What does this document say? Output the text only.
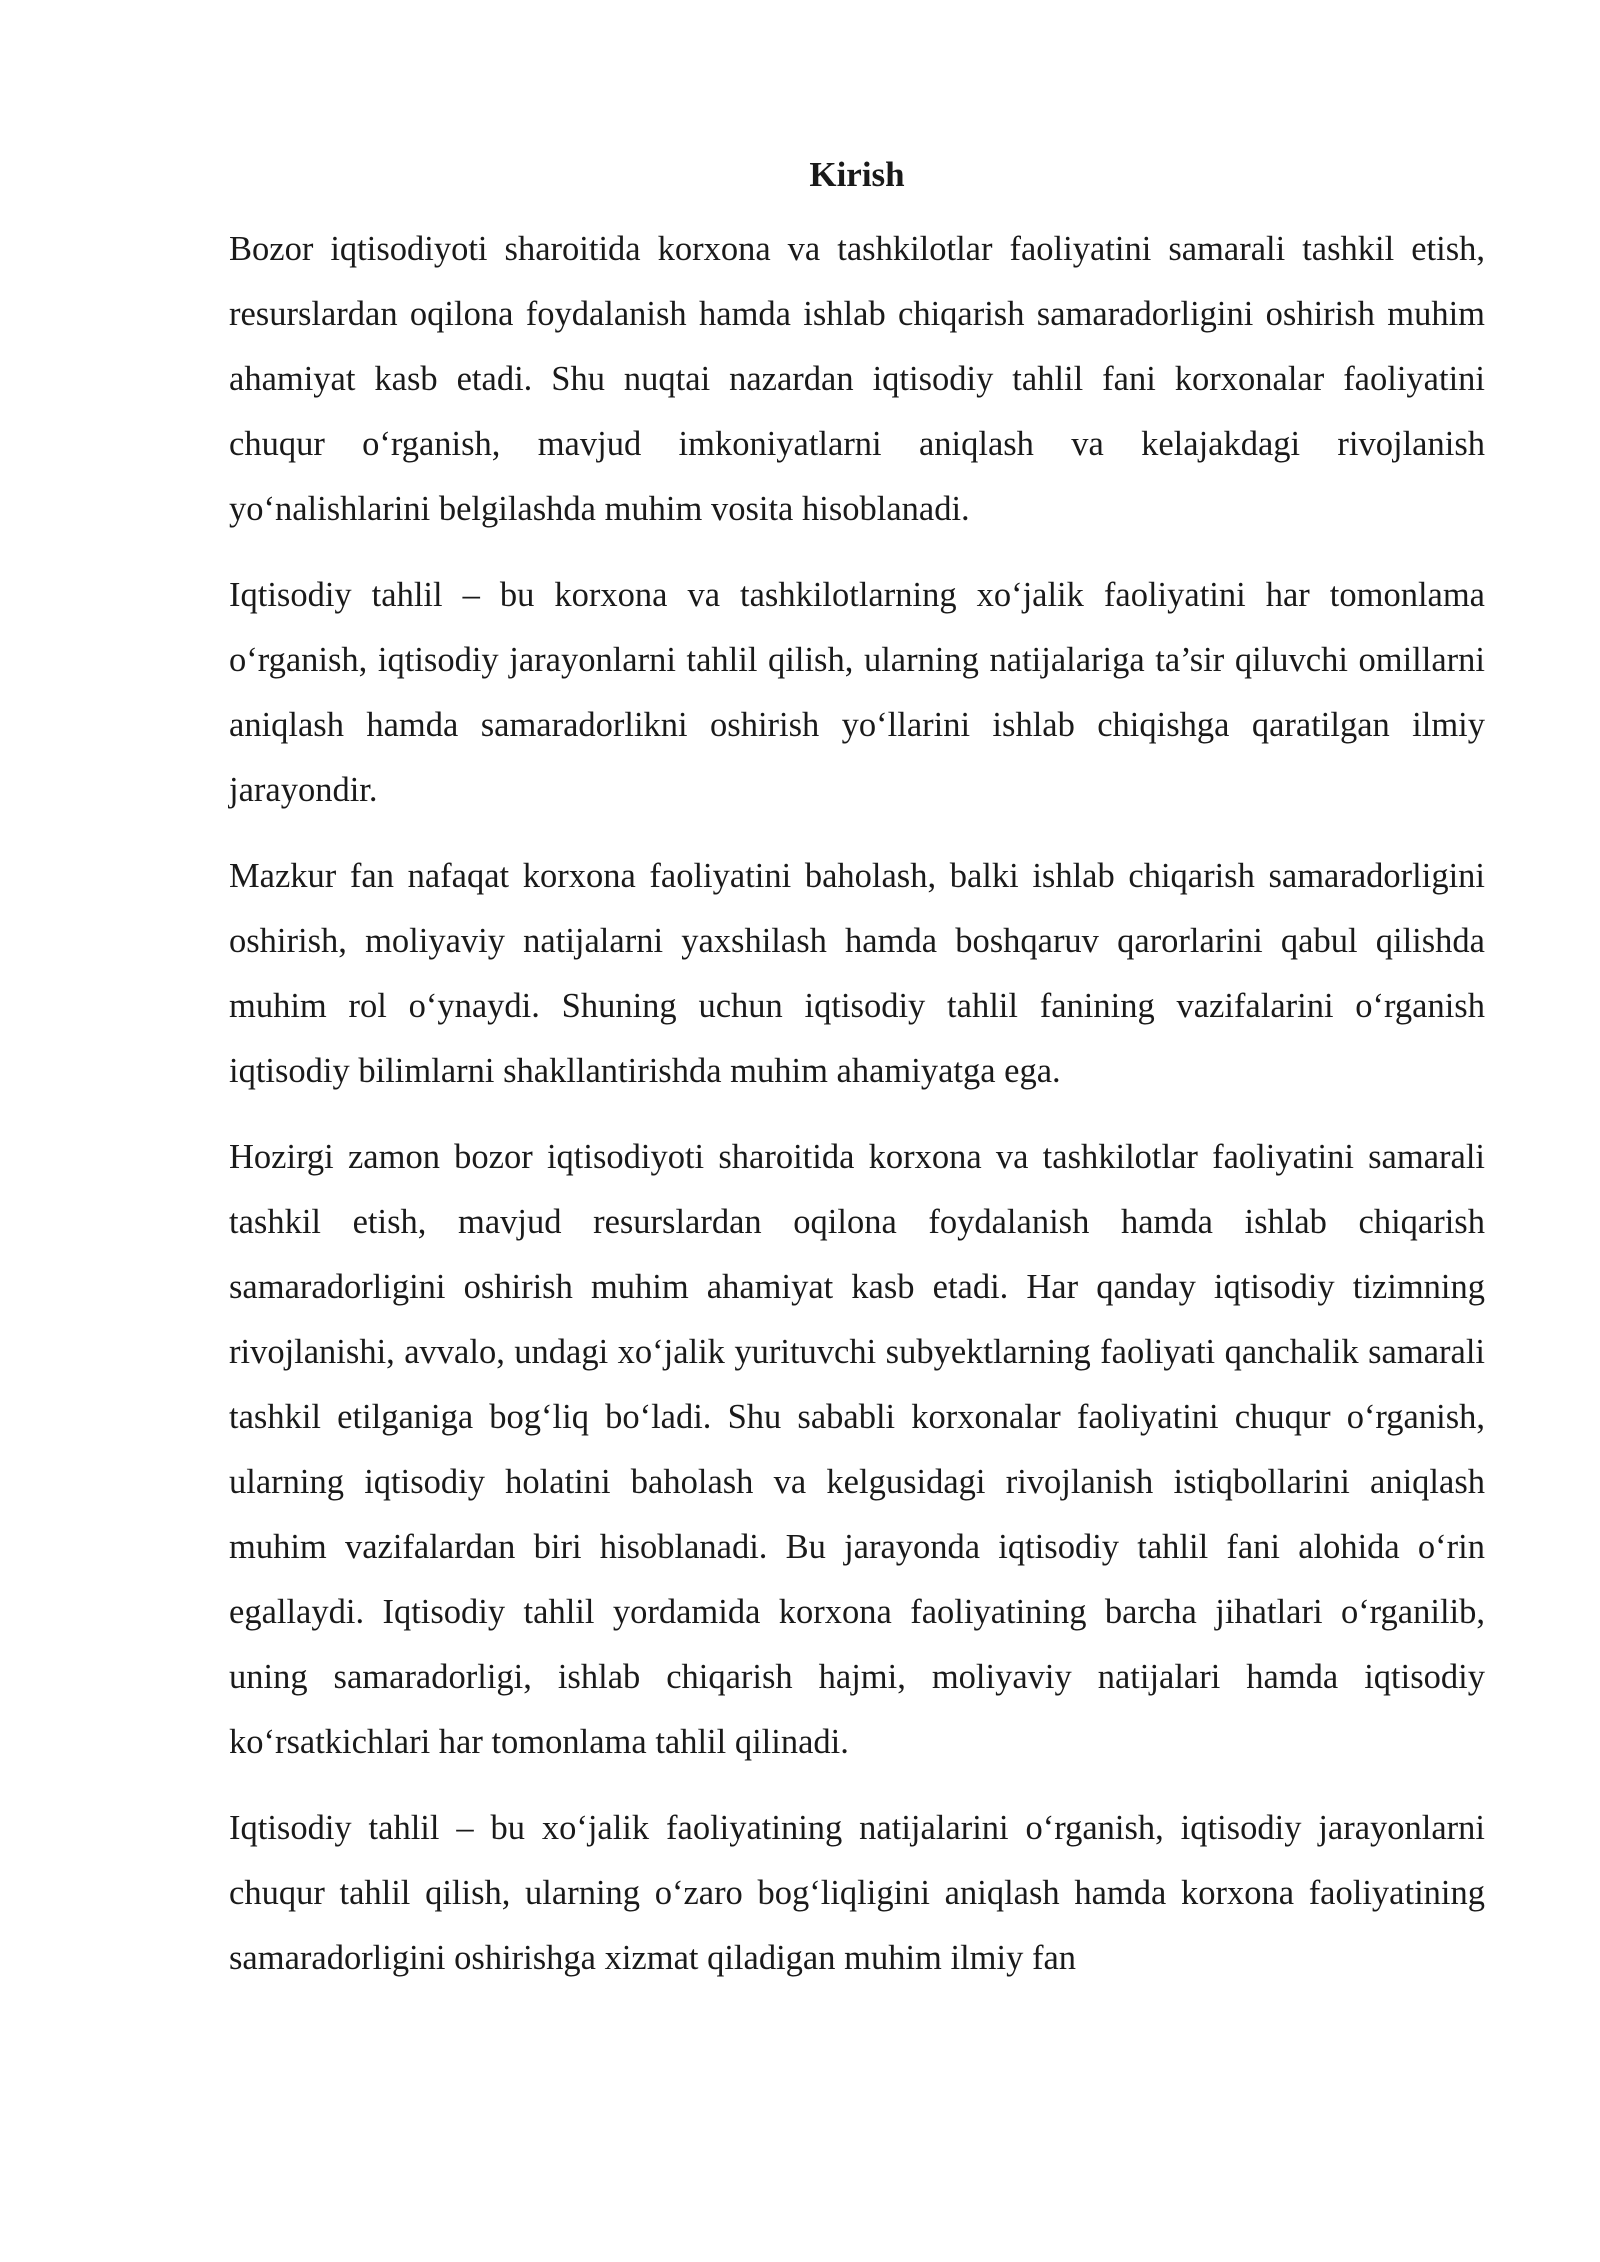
Kirish

Bozor iqtisodiyoti sharoitida korxona va tashkilotlar faoliyatini samarali tashkil etish, resurslardan oqilona foydalanish hamda ishlab chiqarish samaradorligini oshirish muhim ahamiyat kasb etadi. Shu nuqtai nazardan iqtisodiy tahlil fani korxonalar faoliyatini chuqur o‘rganish, mavjud imkoniyatlarni aniqlash va kelajakdagi rivojlanish yo‘nalishlarini belgilashda muhim vosita hisoblanadi.

Iqtisodiy tahlil – bu korxona va tashkilotlarning xo‘jalik faoliyatini har tomonlama o‘rganish, iqtisodiy jarayonlarni tahlil qilish, ularning natijalariga ta’sir qiluvchi omillarni aniqlash hamda samaradorlikni oshirish yo‘llarini ishlab chiqishga qaratilgan ilmiy jarayondir.

Mazkur fan nafaqat korxona faoliyatini baholash, balki ishlab chiqarish samaradorligini oshirish, moliyaviy natijalarni yaxshilash hamda boshqaruv qarorlarini qabul qilishda muhim rol o‘ynaydi. Shuning uchun iqtisodiy tahlil fanining vazifalarini o‘rganish iqtisodiy bilimlarni shakllantirishda muhim ahamiyatga ega.

Hozirgi zamon bozor iqtisodiyoti sharoitida korxona va tashkilotlar faoliyatini samarali tashkil etish, mavjud resurslardan oqilona foydalanish hamda ishlab chiqarish samaradorligini oshirish muhim ahamiyat kasb etadi. Har qanday iqtisodiy tizimning rivojlanishi, avvalo, undagi xo‘jalik yurituvchi subyektlarning faoliyati qanchalik samarali tashkil etilganiga bog‘liq bo‘ladi. Shu sababli korxonalar faoliyatini chuqur o‘rganish, ularning iqtisodiy holatini baholash va kelgusidagi rivojlanish istiqbollarini aniqlash muhim vazifalardan biri hisoblanadi. Bu jarayonda iqtisodiy tahlil fani alohida o‘rin egallaydi. Iqtisodiy tahlil yordamida korxona faoliyatining barcha jihatlari o‘rganilib, uning samaradorligi, ishlab chiqarish hajmi, moliyaviy natijalari hamda iqtisodiy ko‘rsatkichlari har tomonlama tahlil qilinadi.

Iqtisodiy tahlil – bu xo‘jalik faoliyatining natijalarini o‘rganish, iqtisodiy jarayonlarni chuqur tahlil qilish, ularning o‘zaro bog‘liqligini aniqlash hamda korxona faoliyatining samaradorligini oshirishga xizmat qiladigan muhim ilmiy fan
